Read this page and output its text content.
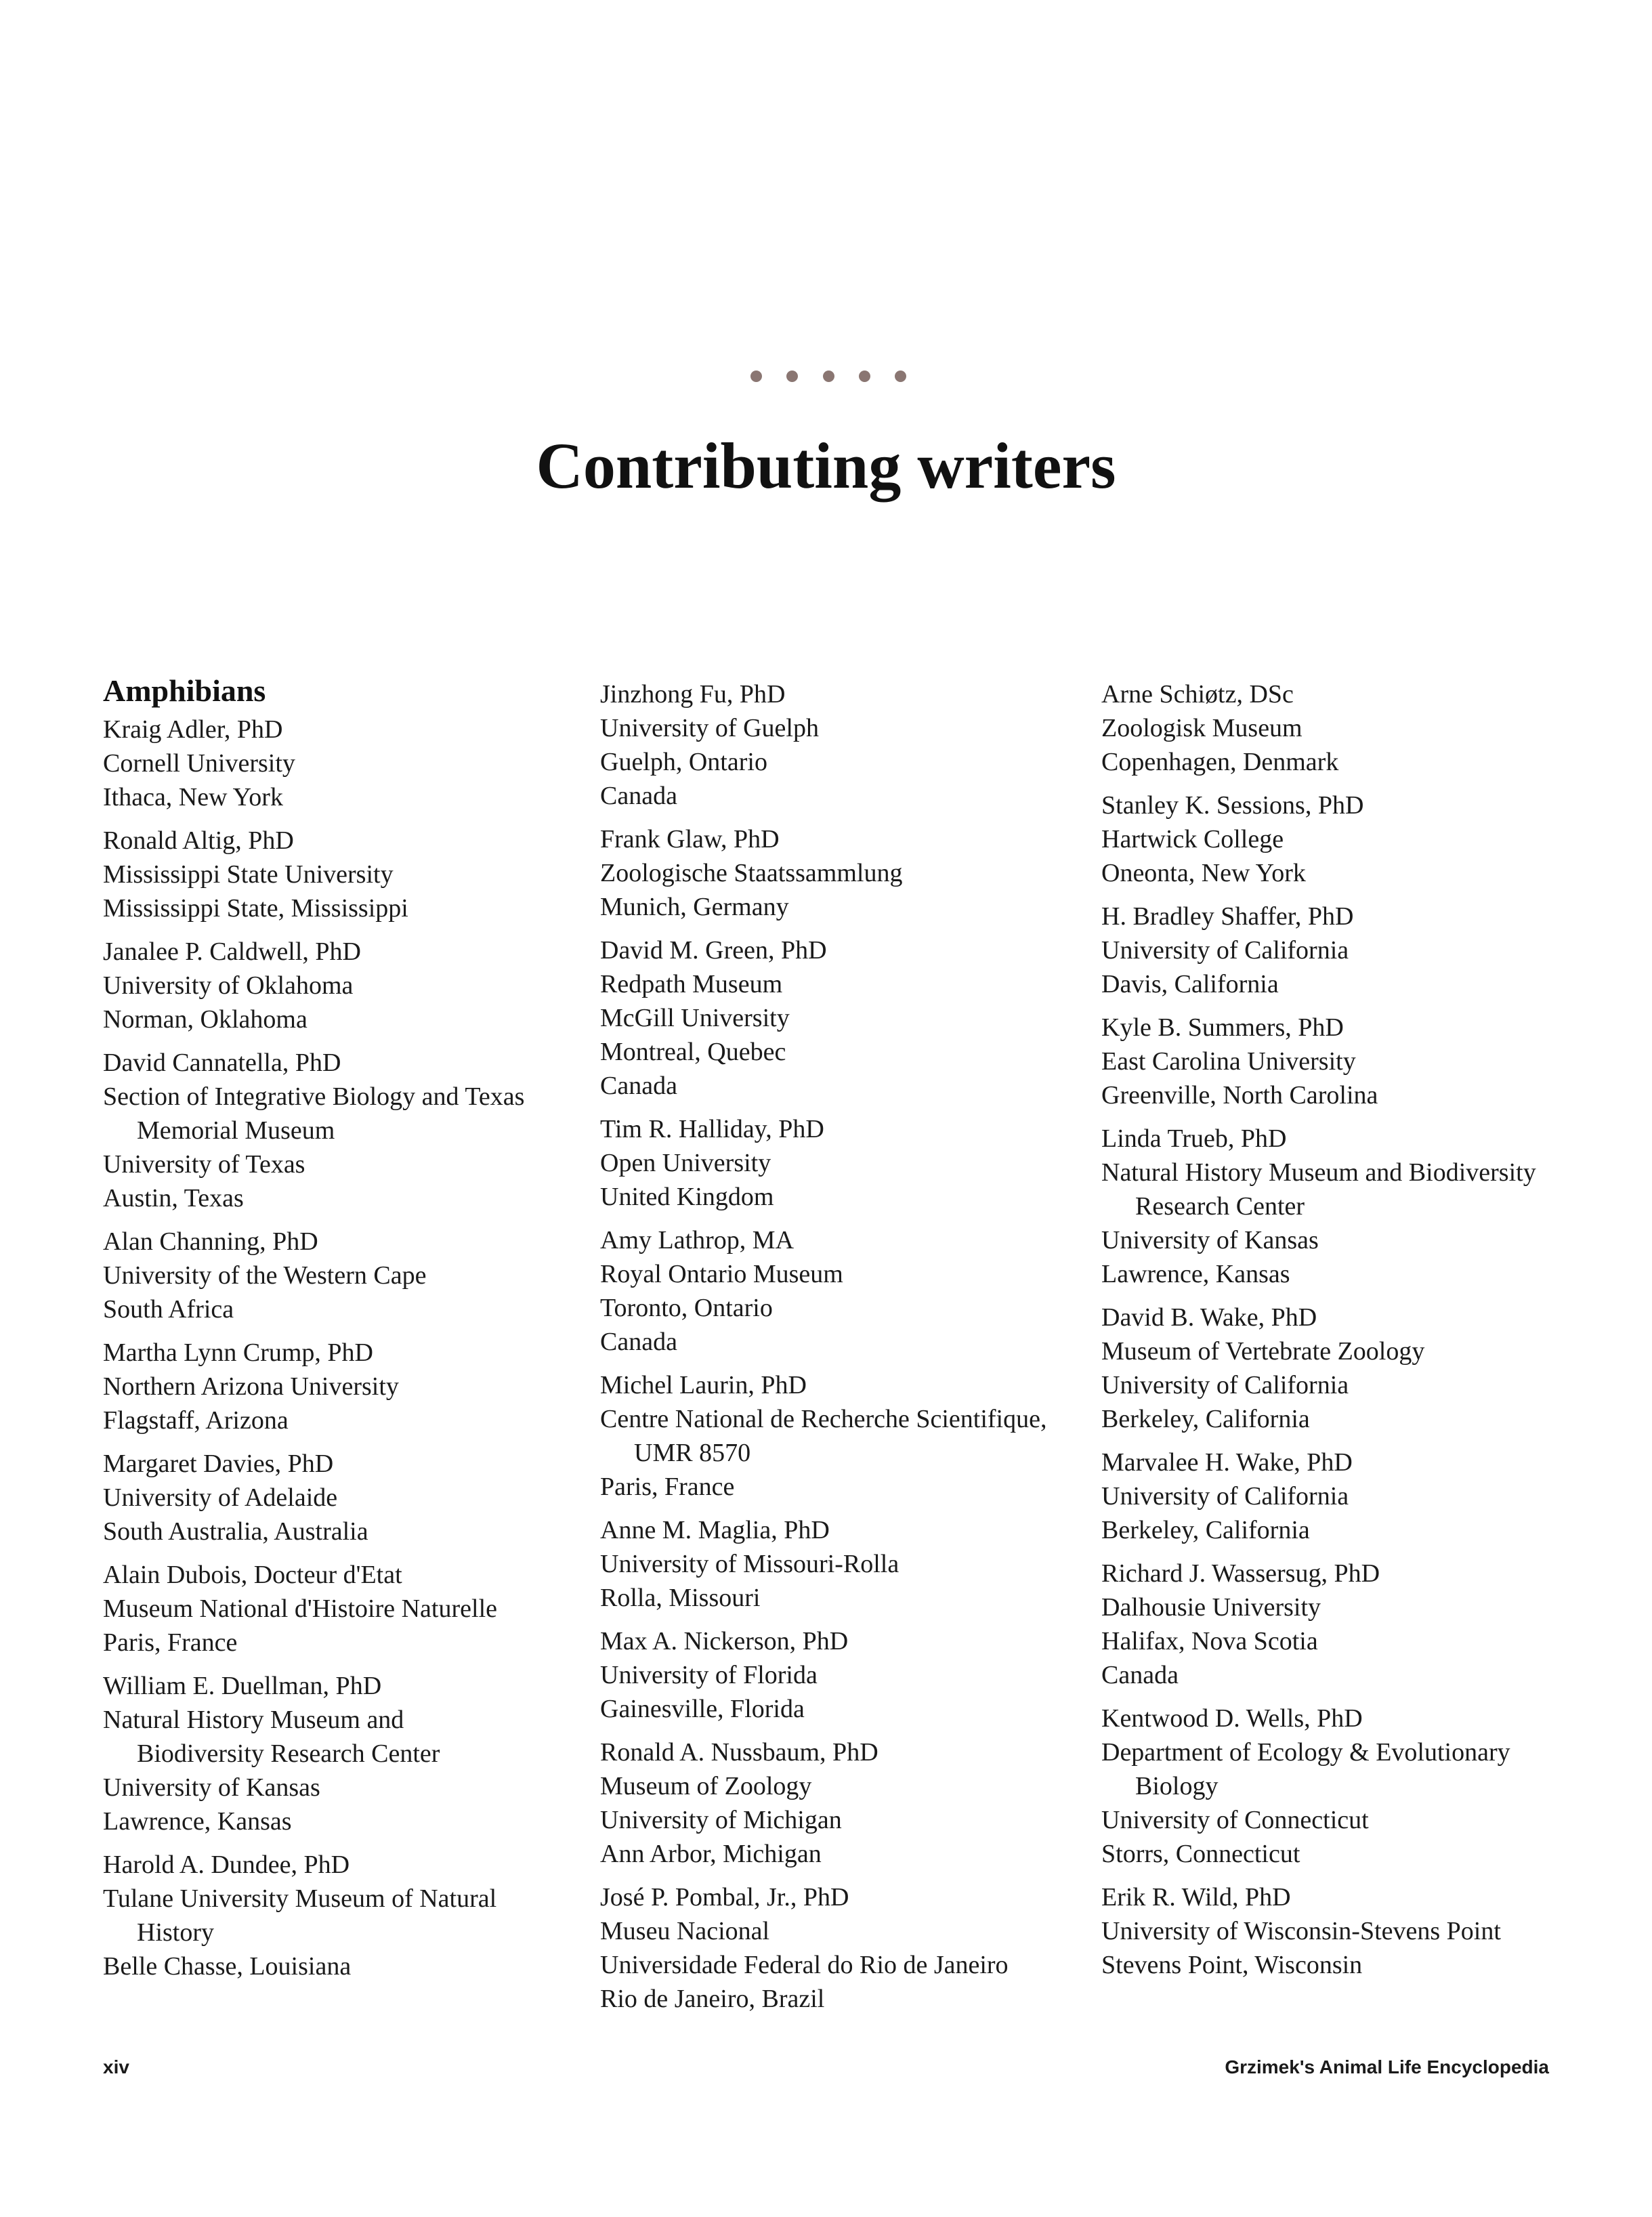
Contributing writers
Amphibians
Kraig Adler, PhD
Cornell University
Ithaca, New York
Ronald Altig, PhD
Mississippi State University
Mississippi State, Mississippi
Janalee P. Caldwell, PhD
University of Oklahoma
Norman, Oklahoma
David Cannatella, PhD
Section of Integrative Biology and Texas Memorial Museum
University of Texas
Austin, Texas
Alan Channing, PhD
University of the Western Cape
South Africa
Martha Lynn Crump, PhD
Northern Arizona University
Flagstaff, Arizona
Margaret Davies, PhD
University of Adelaide
South Australia, Australia
Alain Dubois, Docteur d'Etat
Museum National d'Histoire Naturelle
Paris, France
William E. Duellman, PhD
Natural History Museum and Biodiversity Research Center
University of Kansas
Lawrence, Kansas
Harold A. Dundee, PhD
Tulane University Museum of Natural History
Belle Chasse, Louisiana
Jinzhong Fu, PhD
University of Guelph
Guelph, Ontario
Canada
Frank Glaw, PhD
Zoologische Staatssammlung
Munich, Germany
David M. Green, PhD
Redpath Museum
McGill University
Montreal, Quebec
Canada
Tim R. Halliday, PhD
Open University
United Kingdom
Amy Lathrop, MA
Royal Ontario Museum
Toronto, Ontario
Canada
Michel Laurin, PhD
Centre National de Recherche Scientifique, UMR 8570
Paris, France
Anne M. Maglia, PhD
University of Missouri-Rolla
Rolla, Missouri
Max A. Nickerson, PhD
University of Florida
Gainesville, Florida
Ronald A. Nussbaum, PhD
Museum of Zoology
University of Michigan
Ann Arbor, Michigan
José P. Pombal, Jr., PhD
Museu Nacional
Universidade Federal do Rio de Janeiro
Rio de Janeiro, Brazil
Arne Schiøtz, DSc
Zoologisk Museum
Copenhagen, Denmark
Stanley K. Sessions, PhD
Hartwick College
Oneonta, New York
H. Bradley Shaffer, PhD
University of California
Davis, California
Kyle B. Summers, PhD
East Carolina University
Greenville, North Carolina
Linda Trueb, PhD
Natural History Museum and Biodiversity Research Center
University of Kansas
Lawrence, Kansas
David B. Wake, PhD
Museum of Vertebrate Zoology
University of California
Berkeley, California
Marvalee H. Wake, PhD
University of California
Berkeley, California
Richard J. Wassersug, PhD
Dalhousie University
Halifax, Nova Scotia
Canada
Kentwood D. Wells, PhD
Department of Ecology & Evolutionary Biology
University of Connecticut
Storrs, Connecticut
Erik R. Wild, PhD
University of Wisconsin-Stevens Point
Stevens Point, Wisconsin
xiv	Grzimek's Animal Life Encyclopedia
